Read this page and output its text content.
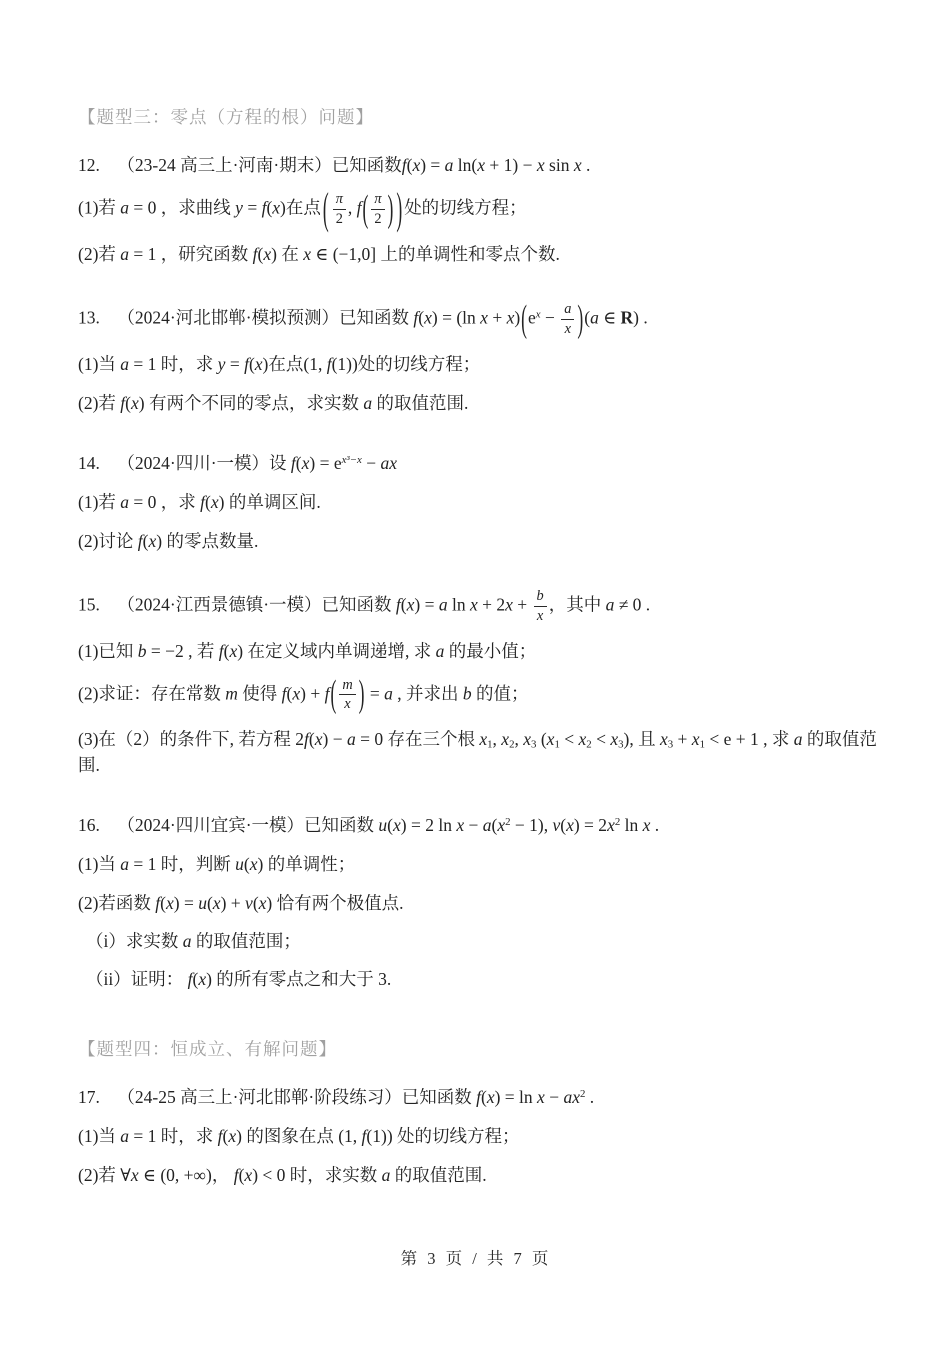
【题型三：零点（方程的根）问题】

12. （23-24 高三上·河南·期末）已知函数f(x) = a ln(x + 1) − x sin x .

(1)若 a = 0 ，求曲线 y = f(x)在点 ( $\frac{\pi}{2}$ , $f( \frac{\pi}{2}$ ) ) 处的切线方程；

(2)若 a = 1 ，研究函数 f(x) 在 x ∈ (−1,0] 上的单调性和零点个数.

13. （2024·河北邯郸·模拟预测）已知函数 f(x) = (ln $x + x)(e^x - \frac{a}{x} )(a$ ∈ R) .

(1)当 a = 1 时，求 y = f(x)在点(1, f(1))处的切线方程；

(2)若 f(x) 有两个不同的零点，求实数 a 的取值范围.

14. （2024·四川·一模）设 $f(x) = e^{x^3-x}$ − ax

(1)若 a = 0 ，求 f(x) 的单调区间.

(2)讨论 f(x) 的零点数量.

15. （2024·江西景德镇·一模）已知函数 f(x) = a $\ln x + 2x + \frac{b}{x}$ ，其中 a ≠ 0 .

(1)已知 b = −2 , 若 f(x) 在定义域内单调递增, 求 a 的最小值；

(2)求证：存在常数 m 使得 $f(x) + f( \frac{m}{x}$ ) = a , 并求出 b 的值；

(3)在（2）的条件下, 若方程 2f(x) − a = 0 存在三个根 $x_1$, $x_2$, $x_3$ $(x_1 < x_2 < x_3)$, 且 $x_3 + x_1 < e + 1$ , 求 a 的取值范围.

16. （2024·四川宜宾·一模）已知函数 u(x) = 2 $\ln x - a(x^2 - 1)$, $v(x) = 2x^2$ ln x .

(1)当 a = 1 时，判断 u(x) 的单调性；

(2)若函数 f(x) = u(x) + v(x) 恰有两个极值点.

（i）求实数 a 的取值范围；

（ii）证明： f(x) 的所有零点之和大于 3.

【题型四：恒成立、有解问题】

17. （24-25 高三上·河北邯郸·阶段练习）已知函数 $f(x) = \ln x - ax^2$ .

(1)当 a = 1 时，求 f(x) 的图象在点 (1, f(1)) 处的切线方程；

(2)若 ∀x ∈ (0, +∞)， f(x) < 0 时，求实数 a 的取值范围.

第 3 页 / 共 7 页
